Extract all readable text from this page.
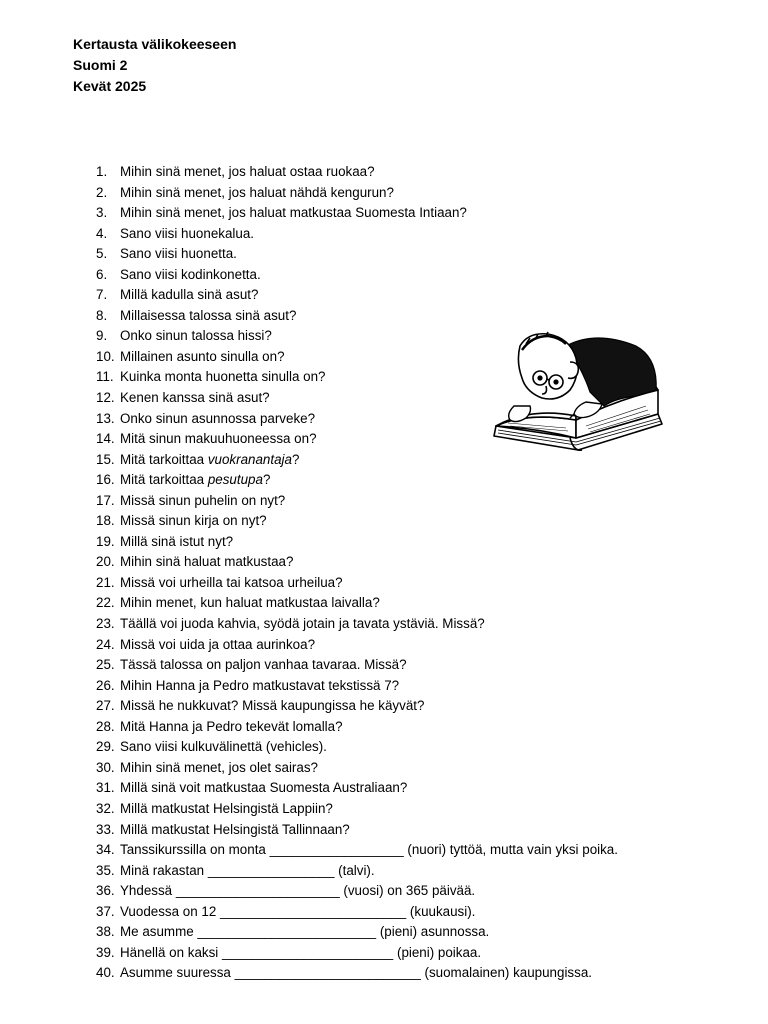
Kertausta välikokeeseen
Suomi 2
Kevät 2025
1. Mihin sinä menet, jos haluat ostaa ruokaa?
2. Mihin sinä menet, jos haluat nähdä kengurun?
3. Mihin sinä menet, jos haluat matkustaa Suomesta Intiaan?
4. Sano viisi huonekalua.
5. Sano viisi huonetta.
6. Sano viisi kodinkonetta.
7. Millä kadulla sinä asut?
8. Millaisessa talossa sinä asut?
9. Onko sinun talossa hissi?
10. Millainen asunto sinulla on?
11. Kuinka monta huonetta sinulla on?
12. Kenen kanssa sinä asut?
13. Onko sinun asunnossa parveke?
14. Mitä sinun makuuhuoneessa on?
15. Mitä tarkoittaa vuokranantaja?
16. Mitä tarkoittaa pesutupa?
17. Missä sinun puhelin on nyt?
18. Missä sinun kirja on nyt?
19. Millä sinä istut nyt?
20. Mihin sinä haluat matkustaa?
21. Missä voi urheilla tai katsoa urheilua?
22. Mihin menet, kun haluat matkustaa laivalla?
23. Täällä voi juoda kahvia, syödä jotain ja tavata ystäviä. Missä?
24. Missä voi uida ja ottaa aurinkoa?
25. Tässä talossa on paljon vanhaa tavaraa. Missä?
26. Mihin Hanna ja Pedro matkustavat tekstissä 7?
27. Missä he nukkuvat? Missä kaupungissa he käyvät?
28. Mitä Hanna ja Pedro tekevät lomalla?
29. Sano viisi kulkuvälinettä (vehicles).
30. Mihin sinä menet, jos olet sairas?
31. Millä sinä voit matkustaa Suomesta Australiaan?
32. Millä matkustat Helsingistä Lappiin?
33. Millä matkustat Helsingistä Tallinnaan?
34. Tanssikurssilla on monta __________________ (nuori) tyttöä, mutta vain yksi poika.
35. Minä rakastan _________________ (talvi).
36. Yhdessä ______________________ (vuosi) on 365 päivää.
37. Vuodessa on 12 _________________________ (kuukausi).
38. Me asumme ________________________ (pieni) asunnossa.
39. Hänellä on kaksi _______________________ (pieni) poikaa.
40. Asumme suuressa _________________________ (suomalainen) kaupungissa.
